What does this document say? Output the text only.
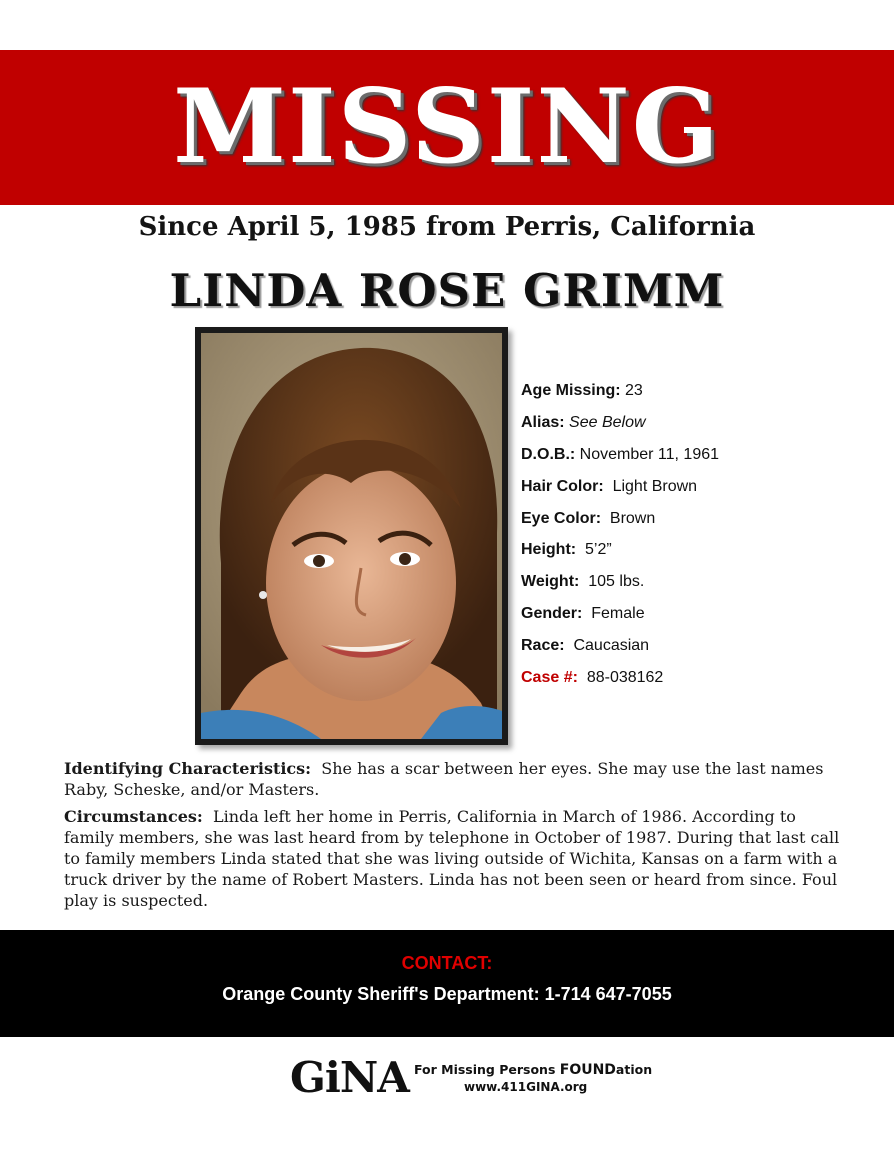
MISSING
Since April 5, 1985 from Perris, California
LINDA ROSE GRIMM
Age Missing: 23
Alias: See Below
D.O.B.: November 11, 1961
Hair Color: Light Brown
Eye Color: Brown
Height: 5’2”
Weight: 105 lbs.
Gender: Female
Race: Caucasian
Case #: 88-038162
Identifying Characteristics: She has a scar between her eyes. She may use the last names Raby, Scheske, and/or Masters.
Circumstances: Linda left her home in Perris, California in March of 1986. According to family members, she was last heard from by telephone in October of 1987. During that last call to family members Linda stated that she was living outside of Wichita, Kansas on a farm with a truck driver by the name of Robert Masters. Linda has not been seen or heard from since. Foul play is suspected.
CONTACT:
Orange County Sheriff's Department: 1-714 647-7055
GiNA For Missing Persons FOUNDation
www.411GINA.org
